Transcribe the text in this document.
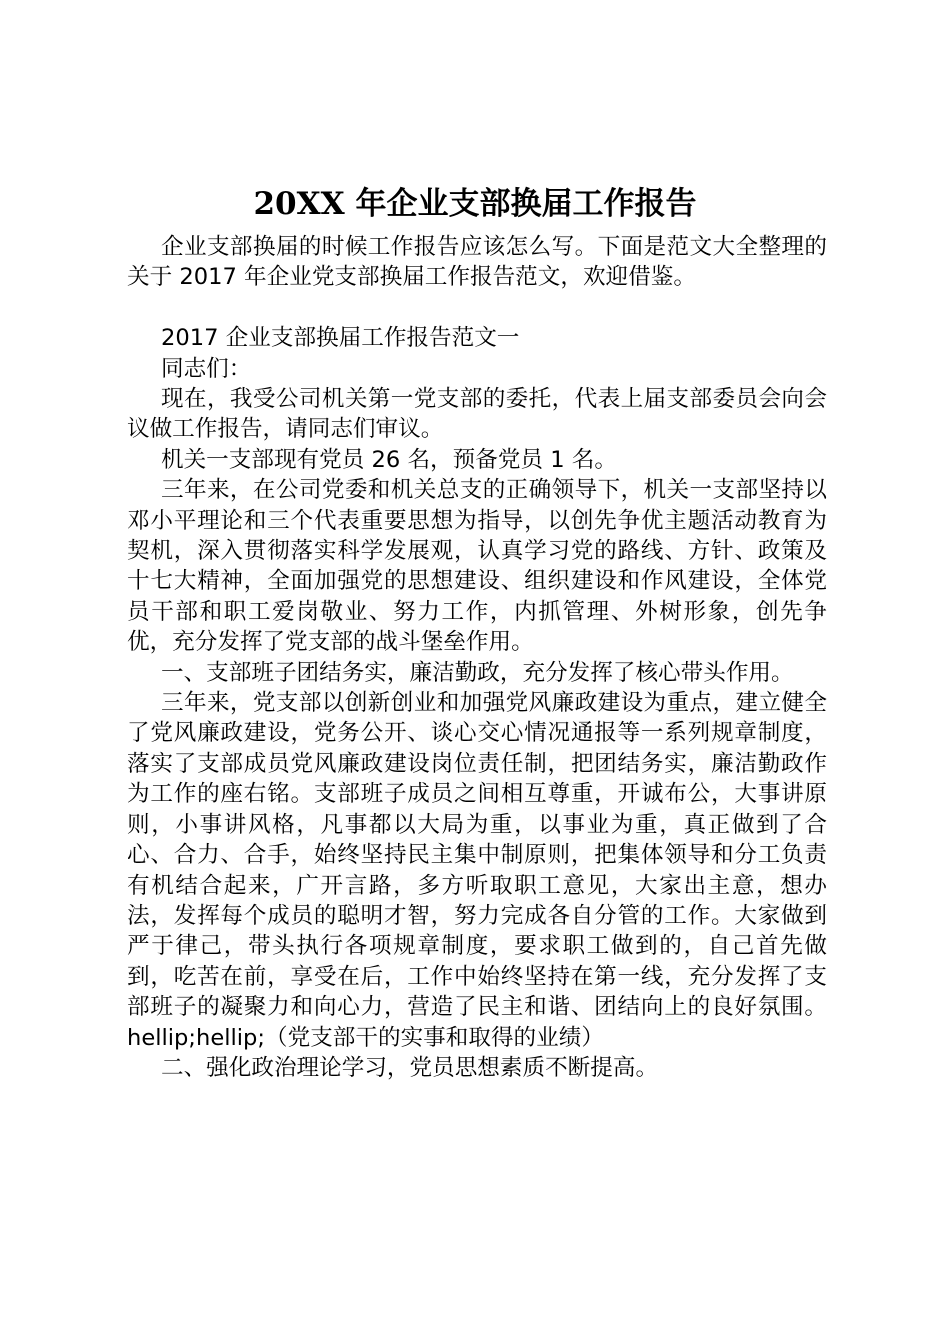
20XX 年企业支部换届工作报告

企业支部换届的时候工作报告应该怎么写。下面是范文大全整理的关于 2017 年企业党支部换届工作报告范文，欢迎借鉴。

2017 企业支部换届工作报告范文一

同志们：

现在，我受公司机关第一党支部的委托，代表上届支部委员会向会议做工作报告，请同志们审议。

机关一支部现有党员 26 名，预备党员 1 名。

三年来，在公司党委和机关总支的正确领导下，机关一支部坚持以邓小平理论和三个代表重要思想为指导，以创先争优主题活动教育为契机，深入贯彻落实科学发展观，认真学习党的路线、方针、政策及十七大精神，全面加强党的思想建设、组织建设和作风建设，全体党员干部和职工爱岗敬业、努力工作，内抓管理、外树形象，创先争优，充分发挥了党支部的战斗堡垒作用。

一、支部班子团结务实，廉洁勤政，充分发挥了核心带头作用。

三年来，党支部以创新创业和加强党风廉政建设为重点，建立健全了党风廉政建设，党务公开、谈心交心情况通报等一系列规章制度，落实了支部成员党风廉政建设岗位责任制，把团结务实，廉洁勤政作为工作的座右铭。支部班子成员之间相互尊重，开诚布公，大事讲原则，小事讲风格，凡事都以大局为重，以事业为重，真正做到了合心、合力、合手，始终坚持民主集中制原则，把集体领导和分工负责有机结合起来，广开言路，多方听取职工意见，大家出主意，想办法，发挥每个成员的聪明才智，努力完成各自分管的工作。大家做到严于律己，带头执行各项规章制度，要求职工做到的，自己首先做到，吃苦在前，享受在后，工作中始终坚持在第一线，充分发挥了支部班子的凝聚力和向心力，营造了民主和谐、团结向上的良好氛围。hellip;hellip;（党支部干的实事和取得的业绩）

二、强化政治理论学习，党员思想素质不断提高。
